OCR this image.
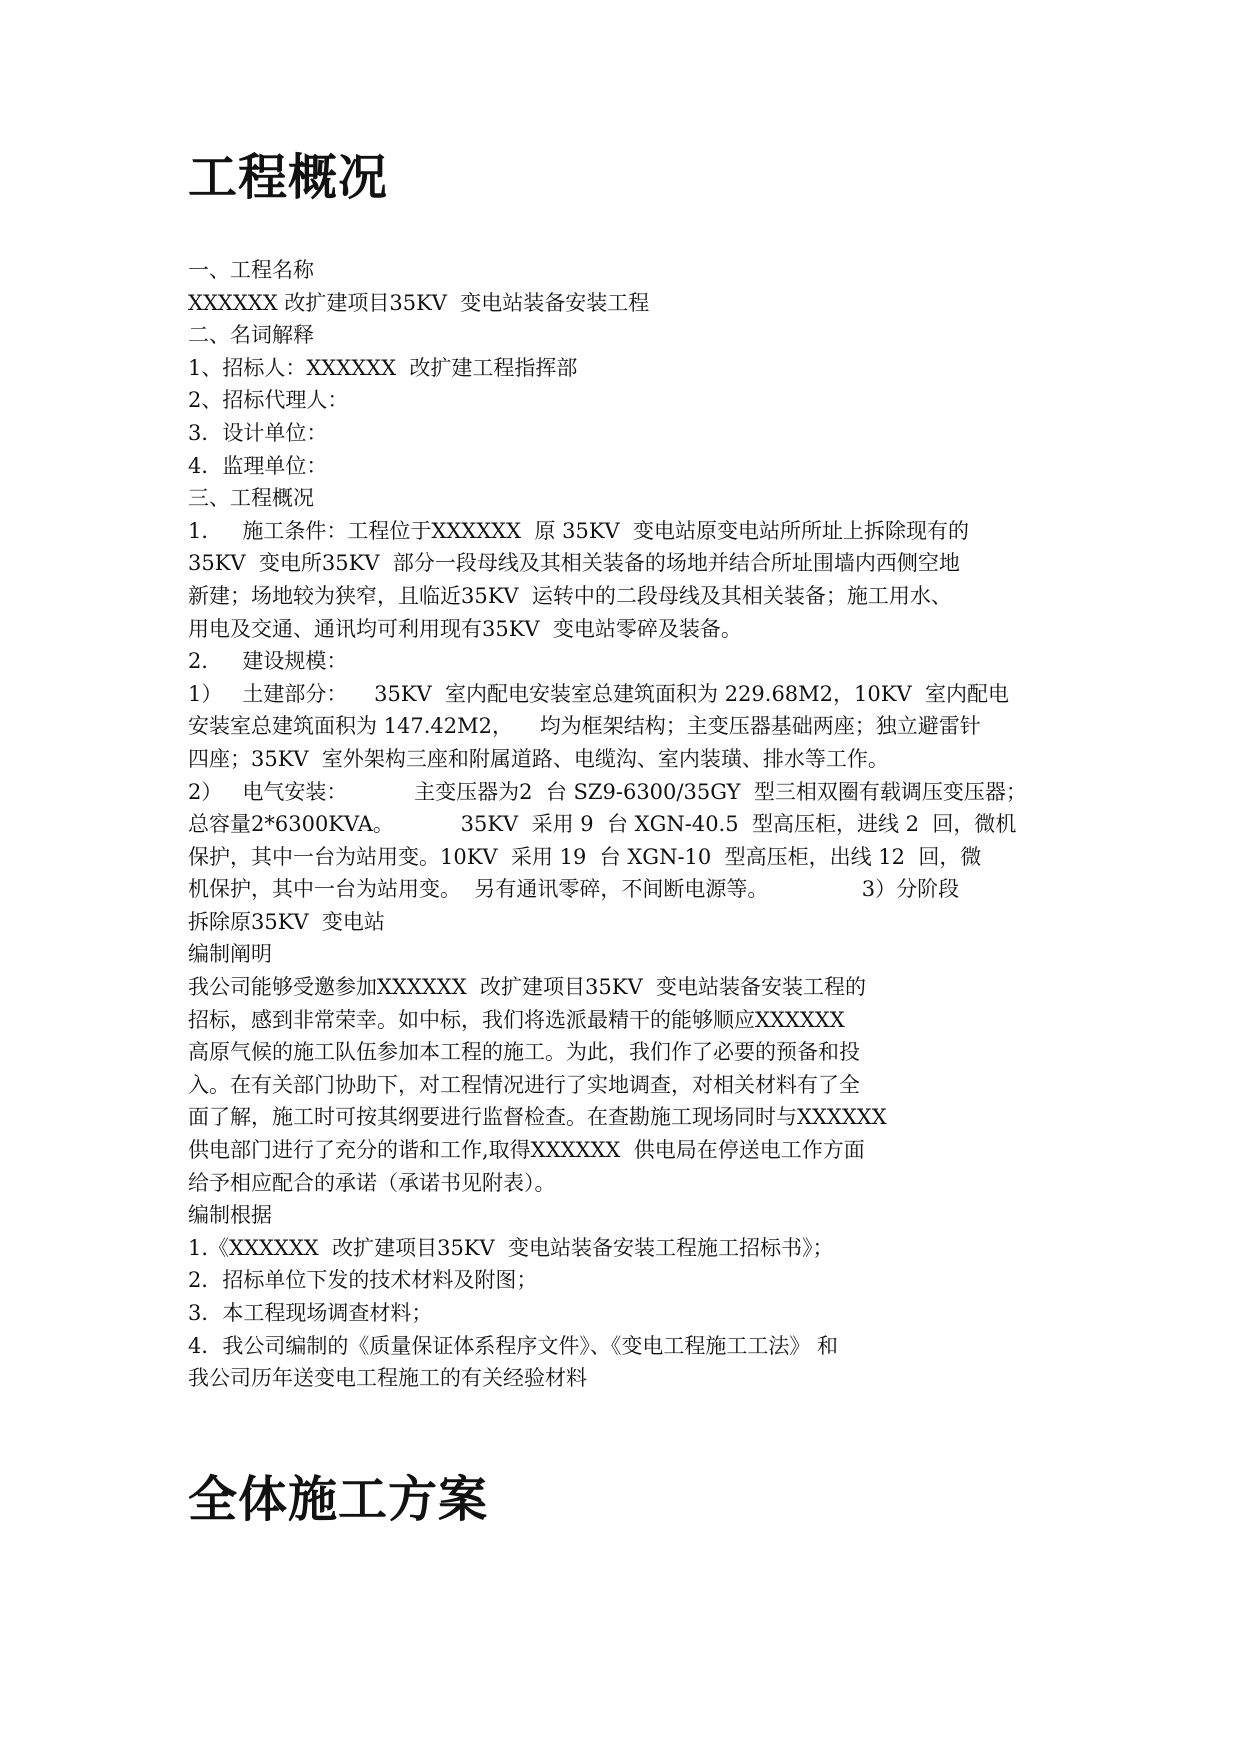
工程概况
一、工程名称
XXXXXX 改扩建项目35KV  变电站装备安装工程
二、名词解释
1、招标人：XXXXXX  改扩建工程指挥部
2、招标代理人：
3．设计单位：
4．监理单位：
三、工程概况
1．   施工条件：工程位于XXXXXX  原 35KV  变电站原变电站所所址上拆除现有的
35KV  变电所35KV  部分一段母线及其相关装备的场地并结合所址围墙内西侧空地
新建；场地较为狭窄，且临近35KV  运转中的二段母线及其相关装备；施工用水、
用电及交通、通讯均可利用现有35KV  变电站零碎及装备。
2．   建设规模：
1）   土建部分：    35KV  室内配电安装室总建筑面积为 229.68M2，10KV  室内配电
安装室总建筑面积为 147.42M2，    均为框架结构；主变压器基础两座；独立避雷针
四座；35KV  室外架构三座和附属道路、电缆沟、室内装璜、排水等工作。
2）   电气安装：          主变压器为2  台 SZ9-6300/35GY  型三相双圈有载调压变压器；
总容量2*6300KVA。          35KV  采用 9  台 XGN-40.5  型高压柜，进线 2  回，微机
保护，其中一台为站用变。10KV  采用 19  台 XGN-10  型高压柜，出线 12  回，微
机保护，其中一台为站用变。  另有通讯零碎，不间断电源等。              3）分阶段
拆除原35KV  变电站
编制阐明
我公司能够受邀参加XXXXXX  改扩建项目35KV  变电站装备安装工程的
招标，感到非常荣幸。如中标，我们将选派最精干的能够顺应XXXXXX
高原气候的施工队伍参加本工程的施工。为此，我们作了必要的预备和投
入。在有关部门协助下，对工程情况进行了实地调查，对相关材料有了全
面了解，施工时可按其纲要进行监督检查。在查勘施工现场同时与XXXXXX
供电部门进行了充分的谐和工作,取得XXXXXX  供电局在停送电工作方面
给予相应配合的承诺（承诺书见附表）。
编制根据
1.《XXXXXX  改扩建项目35KV  变电站装备安装工程施工招标书》；
2．招标单位下发的技术材料及附图；
3．本工程现场调查材料；
4．我公司编制的《质量保证体系程序文件》、《变电工程施工工法》 和
我公司历年送变电工程施工的有关经验材料
全体施工方案
